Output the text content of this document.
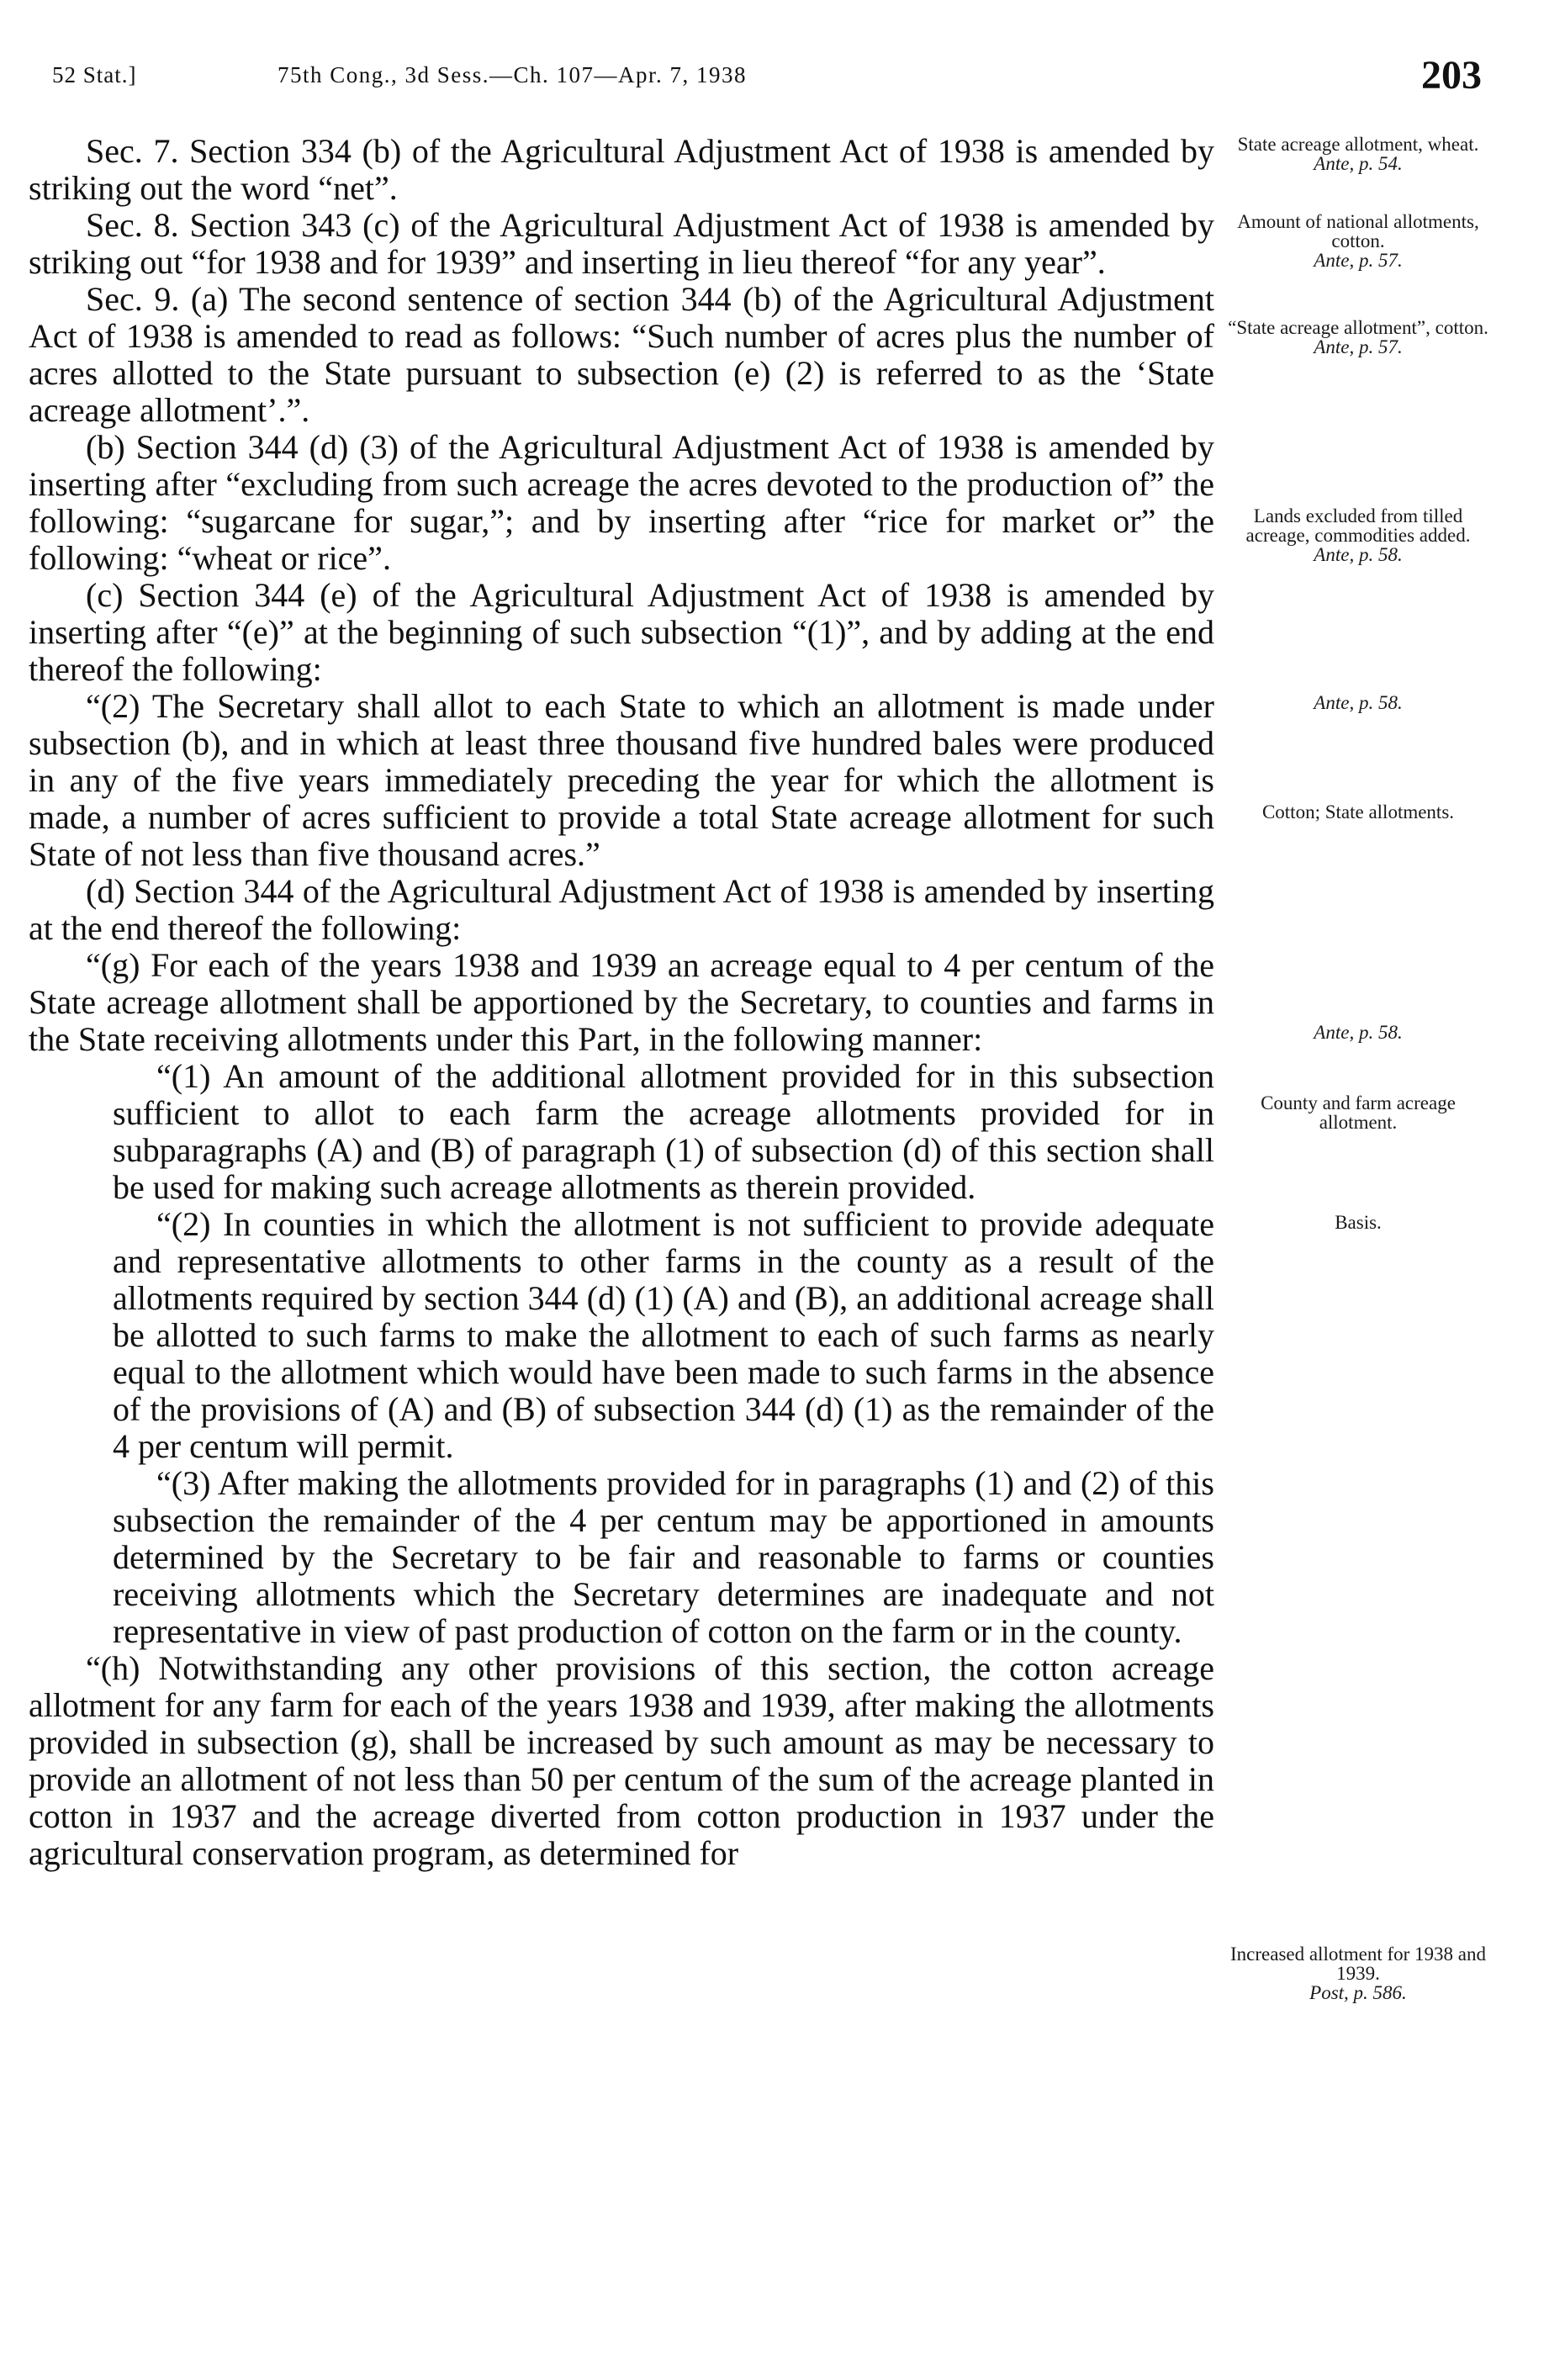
52 Stat.]	75th Cong., 3d Sess.—Ch. 107—Apr. 7, 1938	203

Sec. 7. Section 334 (b) of the Agricultural Adjustment Act of 1938 is amended by striking out the word “net”.

Sec. 8. Section 343 (c) of the Agricultural Adjustment Act of 1938 is amended by striking out “for 1938 and for 1939” and inserting in lieu thereof “for any year”.

Sec. 9. (a) The second sentence of section 344 (b) of the Agricultural Adjustment Act of 1938 is amended to read as follows: “Such number of acres plus the number of acres allotted to the State pursuant to subsection (e) (2) is referred to as the ‘State acreage allotment’.”.

(b) Section 344 (d) (3) of the Agricultural Adjustment Act of 1938 is amended by inserting after “excluding from such acreage the acres devoted to the production of” the following: “sugarcane for sugar,”; and by inserting after “rice for market or” the following: “wheat or rice”.

(c) Section 344 (e) of the Agricultural Adjustment Act of 1938 is amended by inserting after “(e)” at the beginning of such subsection “(1)”, and by adding at the end thereof the following:

“(2) The Secretary shall allot to each State to which an allotment is made under subsection (b), and in which at least three thousand five hundred bales were produced in any of the five years immediately preceding the year for which the allotment is made, a number of acres sufficient to provide a total State acreage allotment for such State of not less than five thousand acres.”

(d) Section 344 of the Agricultural Adjustment Act of 1938 is amended by inserting at the end thereof the following:

“(g) For each of the years 1938 and 1939 an acreage equal to 4 per centum of the State acreage allotment shall be apportioned by the Secretary, to counties and farms in the State receiving allotments under this Part, in the following manner:

“(1) An amount of the additional allotment provided for in this subsection sufficient to allot to each farm the acreage allotments provided for in subparagraphs (A) and (B) of paragraph (1) of subsection (d) of this section shall be used for making such acreage allotments as therein provided.

“(2) In counties in which the allotment is not sufficient to provide adequate and representative allotments to other farms in the county as a result of the allotments required by section 344 (d) (1) (A) and (B), an additional acreage shall be allotted to such farms to make the allotment to each of such farms as nearly equal to the allotment which would have been made to such farms in the absence of the provisions of (A) and (B) of subsection 344 (d) (1) as the remainder of the 4 per centum will permit.

“(3) After making the allotments provided for in paragraphs (1) and (2) of this subsection the remainder of the 4 per centum may be apportioned in amounts determined by the Secretary to be fair and reasonable to farms or counties receiving allotments which the Secretary determines are inadequate and not representative in view of past production of cotton on the farm or in the county.

“(h) Notwithstanding any other provisions of this section, the cotton acreage allotment for any farm for each of the years 1938 and 1939, after making the allotments provided in subsection (g), shall be increased by such amount as may be necessary to provide an allotment of not less than 50 per centum of the sum of the acreage planted in cotton in 1937 and the acreage diverted from cotton production in 1937 under the agricultural conservation program, as determined for

State acreage allotment, wheat.
Ante, p. 54.
Amount of national allotments, cotton.
Ante, p. 57.
“State acreage allotment”, cotton.
Ante, p. 57.
Lands excluded from tilled acreage, commodities added.
Ante, p. 58.
Ante, p. 58.
Cotton; State allotments.
Ante, p. 58.
County and farm acreage allotment.
Basis.
Increased allotment for 1938 and 1939.
Post, p. 586.
